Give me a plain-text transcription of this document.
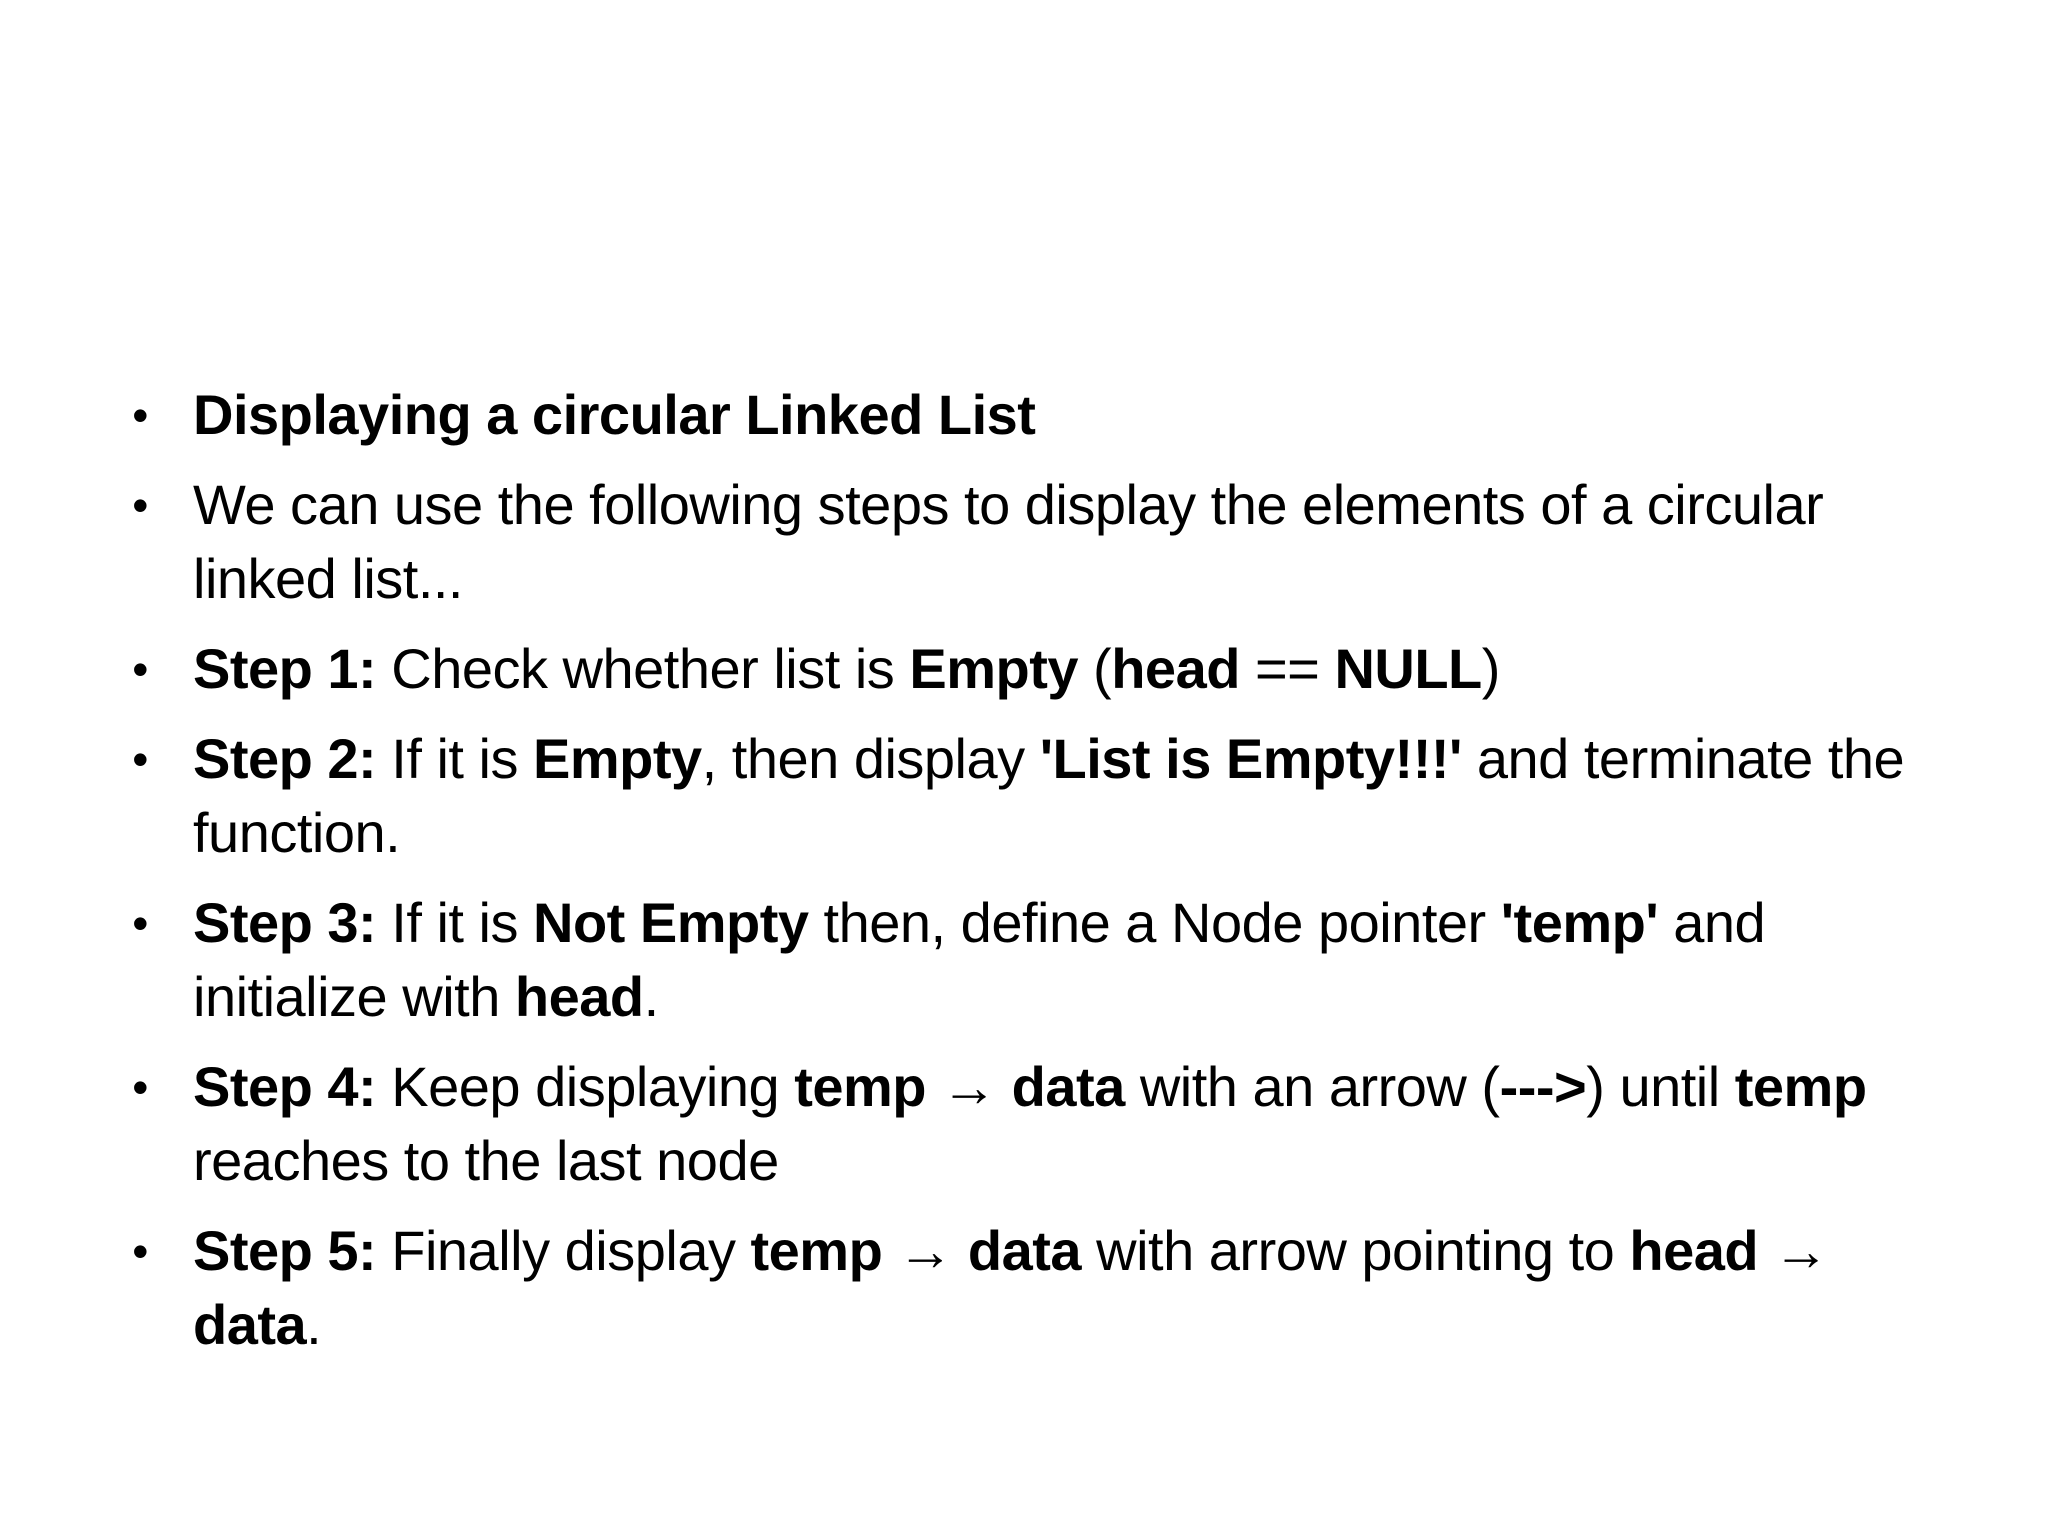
• Displaying a circular Linked List
• We can use the following steps to display the elements of a circular linked list...
• Step 1: Check whether list is Empty (head == NULL)
• Step 2: If it is Empty, then display 'List is Empty!!!' and terminate the function.
• Step 3: If it is Not Empty then, define a Node pointer 'temp' and initialize with head.
• Step 4: Keep displaying temp → data with an arrow (--->) until temp reaches to the last node
• Step 5: Finally display temp → data with arrow pointing to head → data.
